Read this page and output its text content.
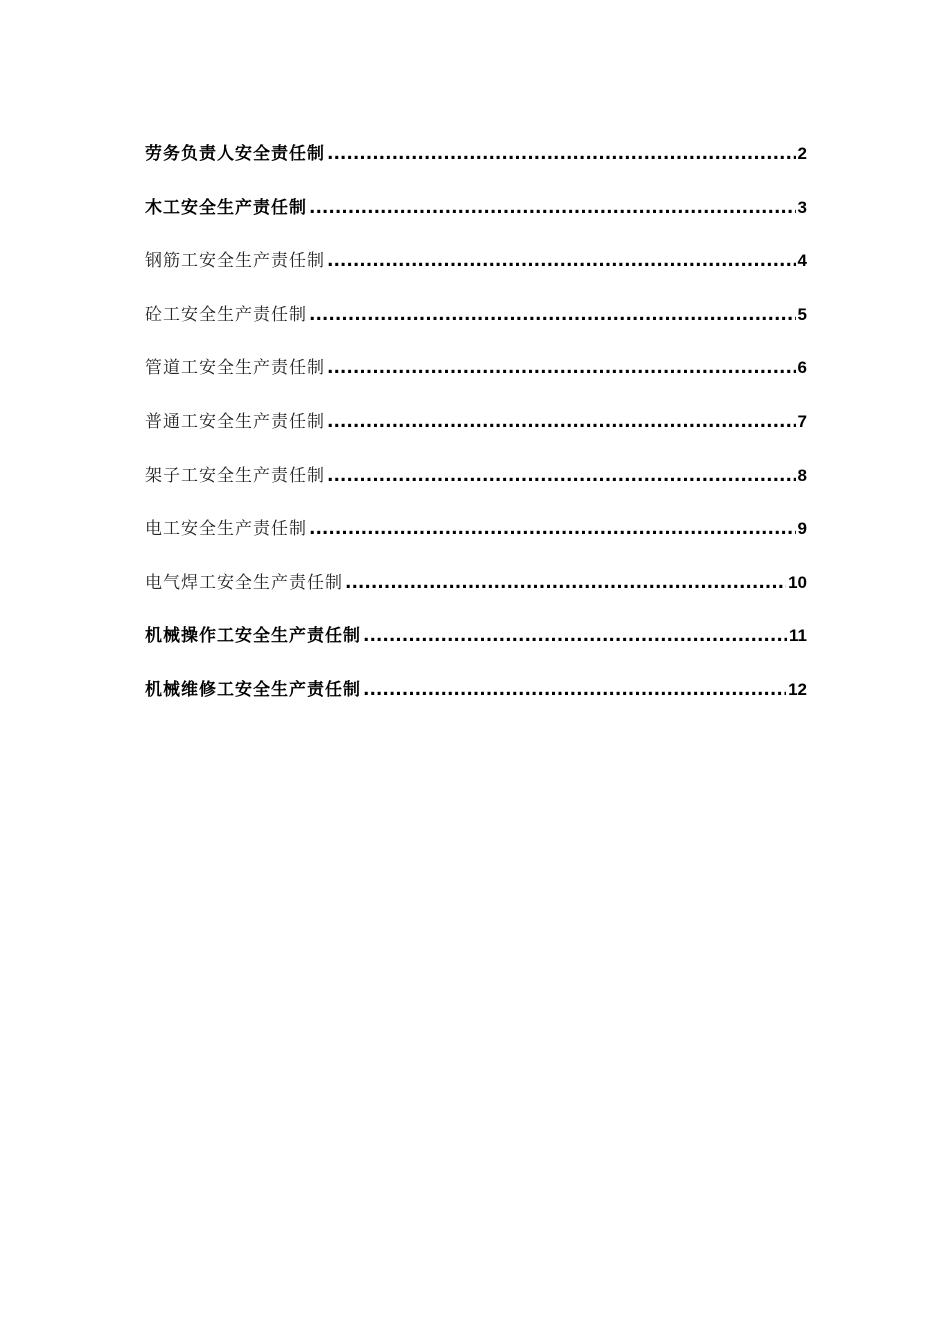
劳务负责人安全责任制 .....	2
木工安全生产责任制 .....	3
钢筋工安全生产责任制 .....	4
砼工安全生产责任制 .....	5
管道工安全生产责任制 .....	6
普通工安全生产责任制 .....	7
架子工安全生产责任制 .....	8
电工安全生产责任制 .....	9
电气焊工安全生产责任制 .....	10
机械操作工安全生产责任制 .....	11
机械维修工安全生产责任制 .....	12
